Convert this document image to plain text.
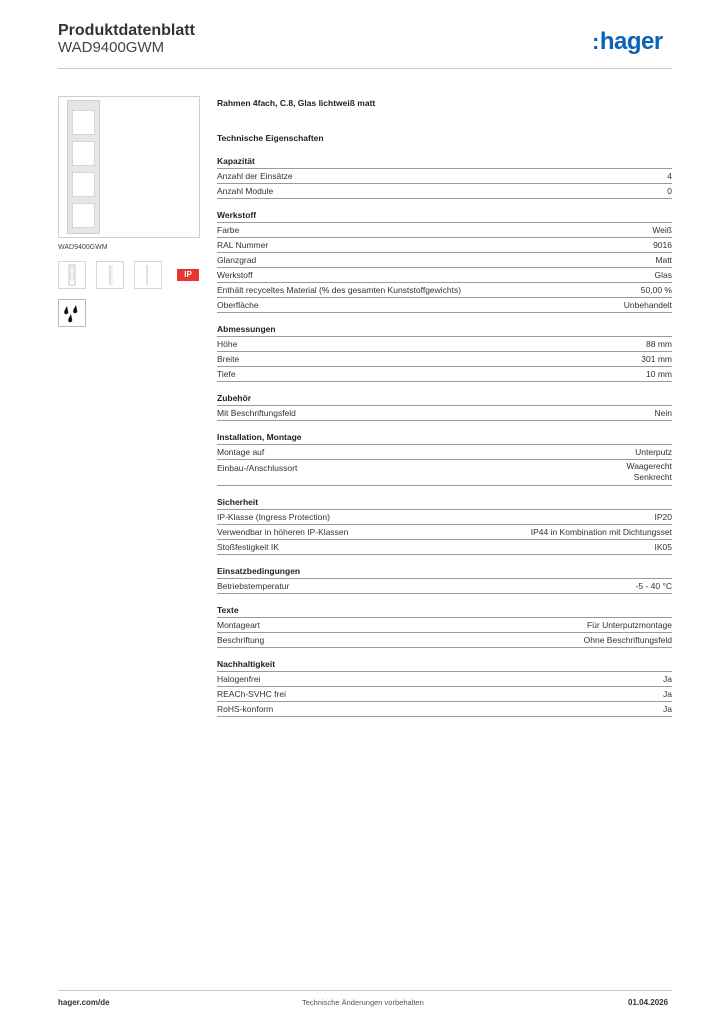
Produktdatenblatt
WAD9400GWM	:hager
WAD9400GWM
IP
Rahmen 4fach, C.8, Glas lichtweiß matt
Technische Eigenschaften
Kapazität
Anzahl der Einsätze	4
Anzahl Module	0
Werkstoff
Farbe	Weiß
RAL Nummer	9016
Glanzgrad	Matt
Werkstoff	Glas
Enthält recyceltes Material (% des gesamten Kunststoffgewichts)	50,00 %
Oberfläche	Unbehandelt
Abmessungen
Höhe	88 mm
Breite	301 mm
Tiefe	10 mm
Zubehör
Mit Beschriftungsfeld	Nein
Installation, Montage
Montage auf	Unterputz
Einbau-/Anschlussort	Waagerecht
Senkrecht
Sicherheit
IP-Klasse (Ingress Protection)	IP20
Verwendbar in höheren IP-Klassen	IP44 in Kombination mit Dichtungsset
Stoßfestigkeit IK	IK05
Einsatzbedingungen
Betriebstemperatur	-5 - 40 °C
Texte
Montageart	Für Unterputzmontage
Beschriftung	Ohne Beschriftungsfeld
Nachhaltigkeit
Halogenfrei	Ja
REACh-SVHC frei	Ja
RoHS-konform	Ja
hager.com/de	Technische Änderungen vorbehalten	01.04.2026
